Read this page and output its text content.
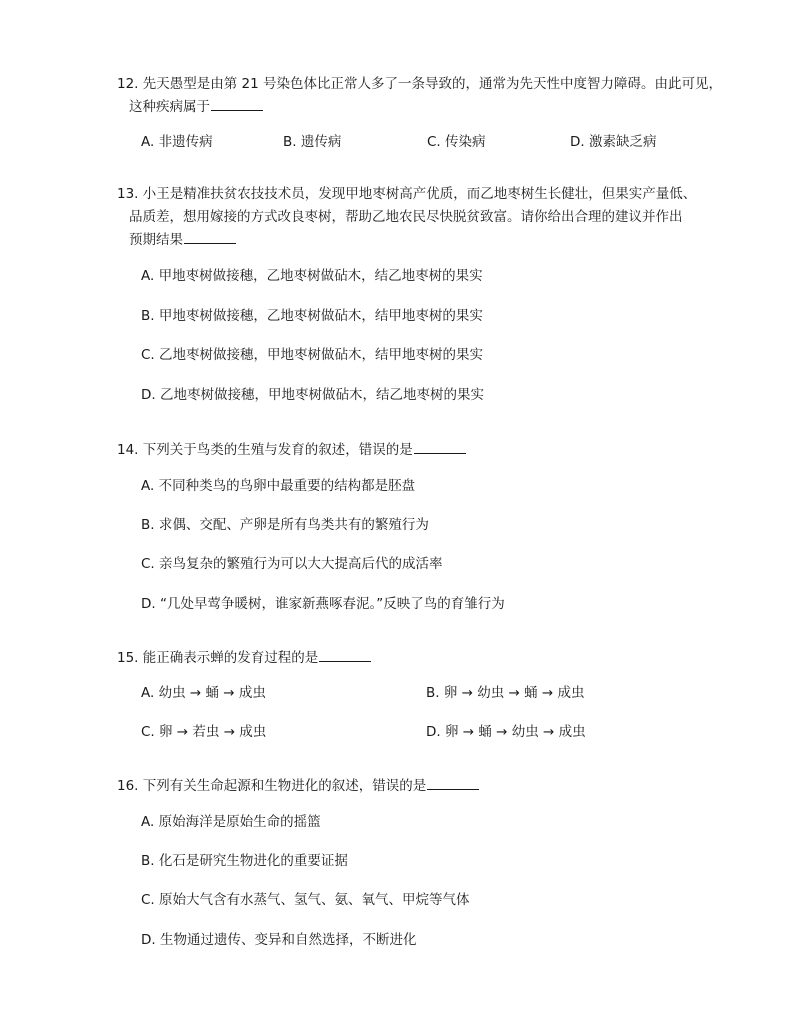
12. 先天愚型是由第 21 号染色体比正常人多了一条导致的，通常为先天性中度智力障碍。由此可见，
这种疾病属于
A. 非遗传病	B. 遗传病	C. 传染病	D. 激素缺乏病
13. 小王是精准扶贫农技技术员，发现甲地枣树高产优质，而乙地枣树生长健壮，但果实产量低、
品质差，想用嫁接的方式改良枣树，帮助乙地农民尽快脱贫致富。请你给出合理的建议并作出
预期结果
A. 甲地枣树做接穗，乙地枣树做砧木，结乙地枣树的果实
B. 甲地枣树做接穗，乙地枣树做砧木，结甲地枣树的果实
C. 乙地枣树做接穗，甲地枣树做砧木，结甲地枣树的果实
D. 乙地枣树做接穗，甲地枣树做砧木，结乙地枣树的果实
14. 下列关于鸟类的生殖与发育的叙述，错误的是
A. 不同种类鸟的鸟卵中最重要的结构都是胚盘
B. 求偶、交配、产卵是所有鸟类共有的繁殖行为
C. 亲鸟复杂的繁殖行为可以大大提高后代的成活率
D. “几处早莺争暖树，谁家新燕啄春泥。”反映了鸟的育雏行为
15. 能正确表示蝉的发育过程的是
A. 幼虫 → 蛹 → 成虫	B. 卵 → 幼虫 → 蛹 → 成虫
C. 卵 → 若虫 → 成虫	D. 卵 → 蛹 → 幼虫 → 成虫
16. 下列有关生命起源和生物进化的叙述，错误的是
A. 原始海洋是原始生命的摇篮
B. 化石是研究生物进化的重要证据
C. 原始大气含有水蒸气、氢气、氨、氧气、甲烷等气体
D. 生物通过遗传、变异和自然选择，不断进化
